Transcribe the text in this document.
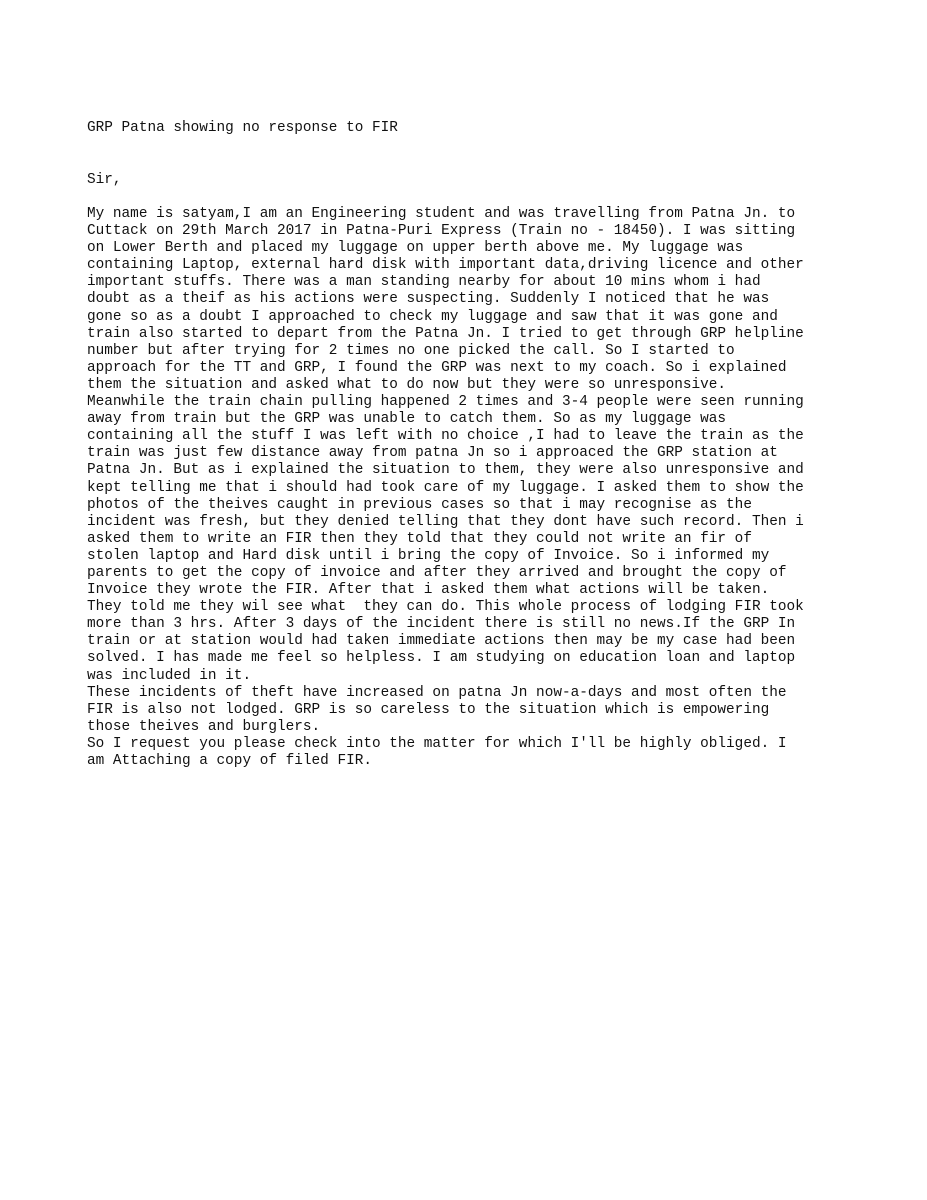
GRP Patna showing no response to FIR
Sir,
My name is satyam,I am an Engineering student and was travelling from Patna Jn. to
Cuttack on 29th March 2017 in Patna-Puri Express (Train no - 18450). I was sitting
on Lower Berth and placed my luggage on upper berth above me. My luggage was
containing Laptop, external hard disk with important data,driving licence and other
important stuffs. There was a man standing nearby for about 10 mins whom i had
doubt as a theif as his actions were suspecting. Suddenly I noticed that he was
gone so as a doubt I approached to check my luggage and saw that it was gone and
train also started to depart from the Patna Jn. I tried to get through GRP helpline
number but after trying for 2 times no one picked the call. So I started to
approach for the TT and GRP, I found the GRP was next to my coach. So i explained
them the situation and asked what to do now but they were so unresponsive.
Meanwhile the train chain pulling happened 2 times and 3-4 people were seen running
away from train but the GRP was unable to catch them. So as my luggage was
containing all the stuff I was left with no choice ,I had to leave the train as the
train was just few distance away from patna Jn so i approaced the GRP station at
Patna Jn. But as i explained the situation to them, they were also unresponsive and
kept telling me that i should had took care of my luggage. I asked them to show the
photos of the theives caught in previous cases so that i may recognise as the
incident was fresh, but they denied telling that they dont have such record. Then i
asked them to write an FIR then they told that they could not write an fir of
stolen laptop and Hard disk until i bring the copy of Invoice. So i informed my
parents to get the copy of invoice and after they arrived and brought the copy of
Invoice they wrote the FIR. After that i asked them what actions will be taken.
They told me they wil see what  they can do. This whole process of lodging FIR took
more than 3 hrs. After 3 days of the incident there is still no news.If the GRP In
train or at station would had taken immediate actions then may be my case had been
solved. I has made me feel so helpless. I am studying on education loan and laptop
was included in it.
These incidents of theft have increased on patna Jn now-a-days and most often the
FIR is also not lodged. GRP is so careless to the situation which is empowering
those theives and burglers.
So I request you please check into the matter for which I'll be highly obliged. I
am Attaching a copy of filed FIR.
